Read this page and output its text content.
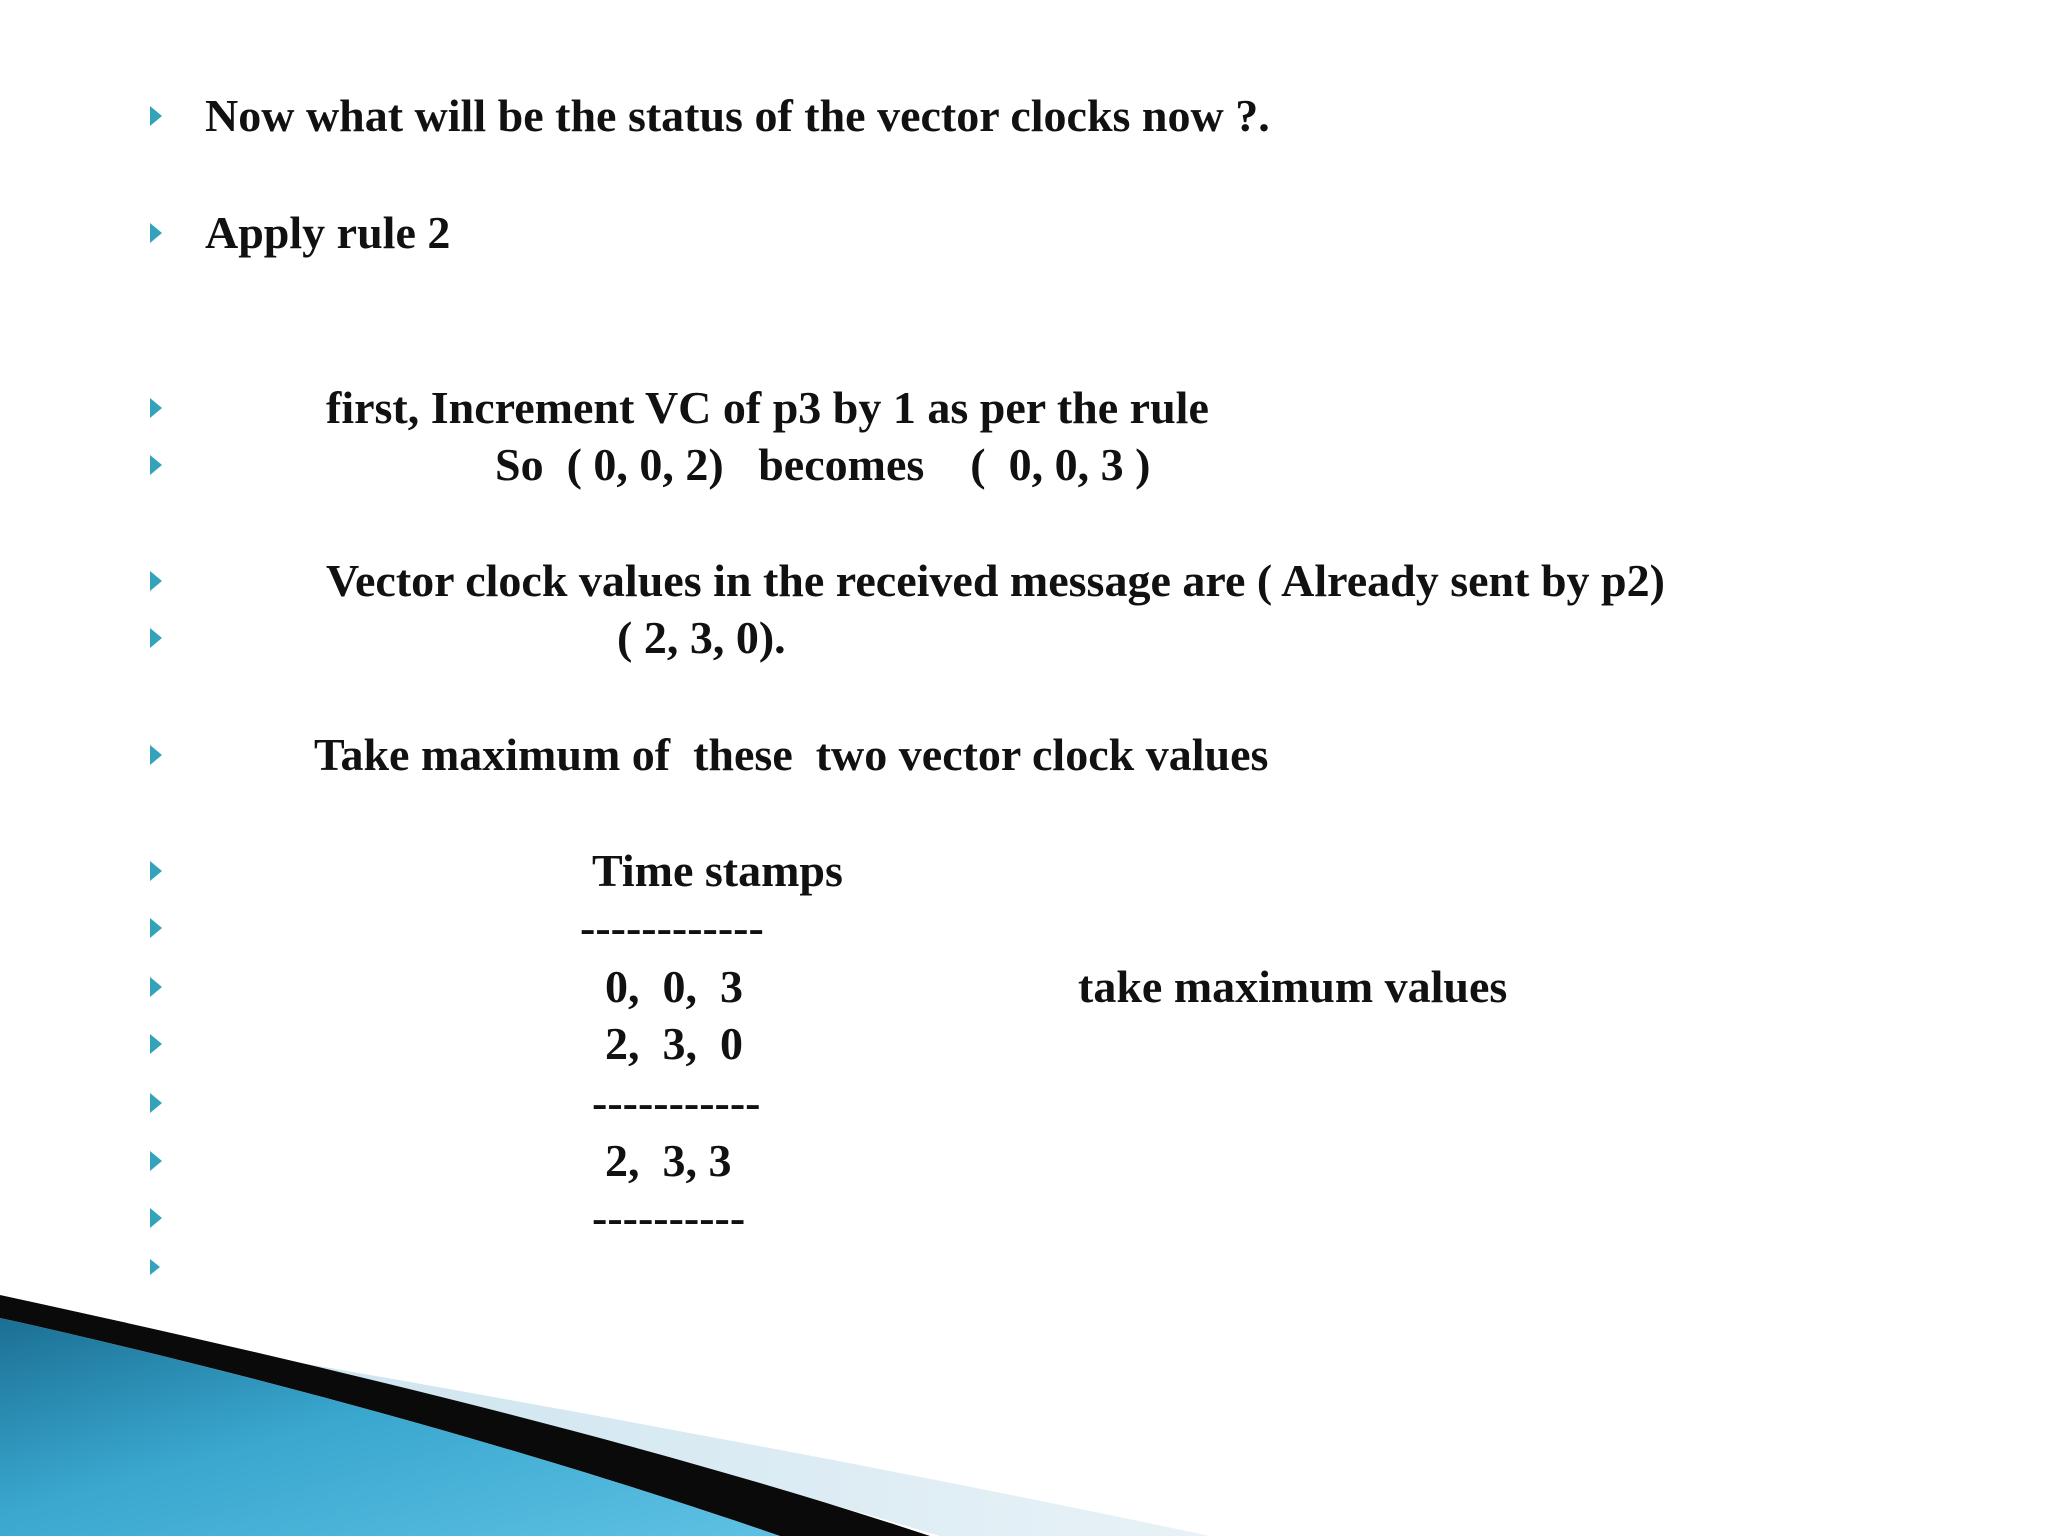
Now what will be the status of the vector clocks now ?.
Apply rule 2
first, Increment VC of p3 by 1 as per the rule
So  ( 0, 0, 2)   becomes    (  0, 0, 3 )
Vector clock values in the received message are ( Already sent by p2)
( 2, 3, 0).
Take maximum of  these  two vector clock values
Time stamps
------------
0,  0,  3	take maximum values
2,  3,  0
-----------
2,  3, 3
----------
